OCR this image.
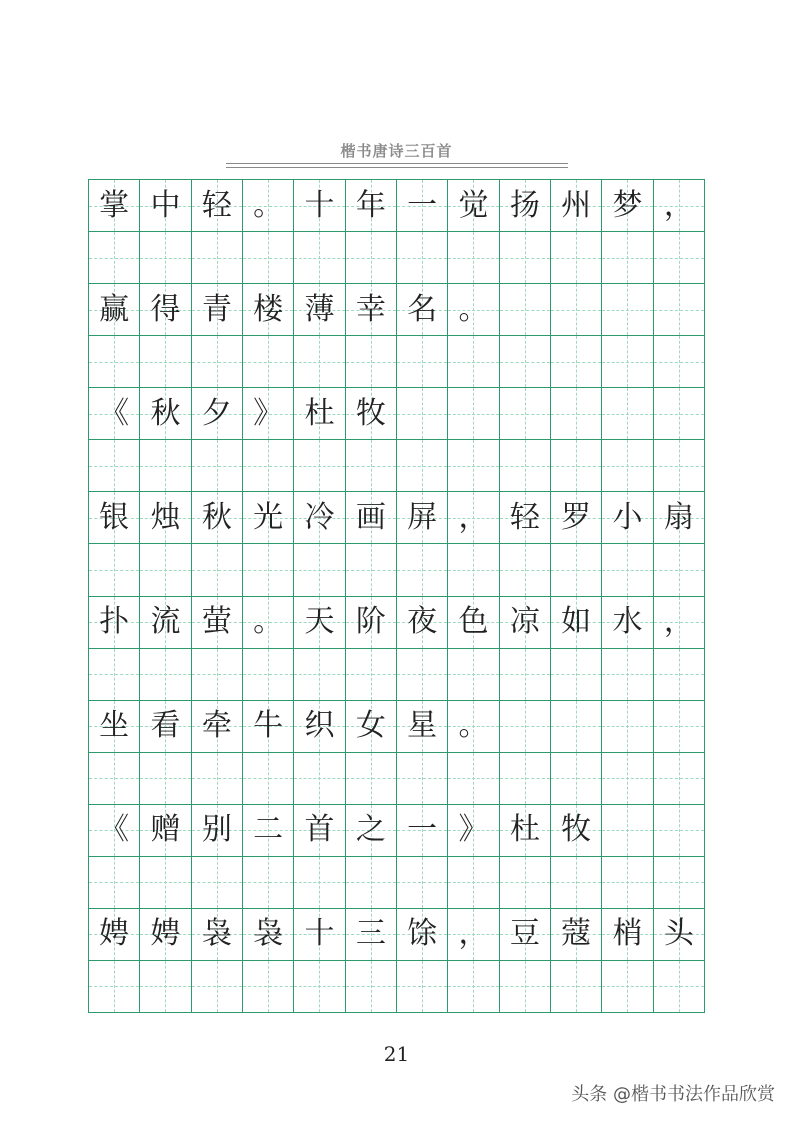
楷书唐诗三百首
掌 中 轻 。 十 年 一 觉 扬 州 梦 ，
赢 得 青 楼 薄 幸 名 。
《 秋 夕 》 杜 牧
银 烛 秋 光 冷 画 屏 ， 轻 罗 小 扇
扑 流 萤 。 天 阶 夜 色 凉 如 水 ，
坐 看 牵 牛 织 女 星 。
《 赠 别 二 首 之 一 》 杜 牧
娉 娉 袅 袅 十 三 馀 ， 豆 蔻 梢 头
21
头条 @楷书书法作品欣赏
